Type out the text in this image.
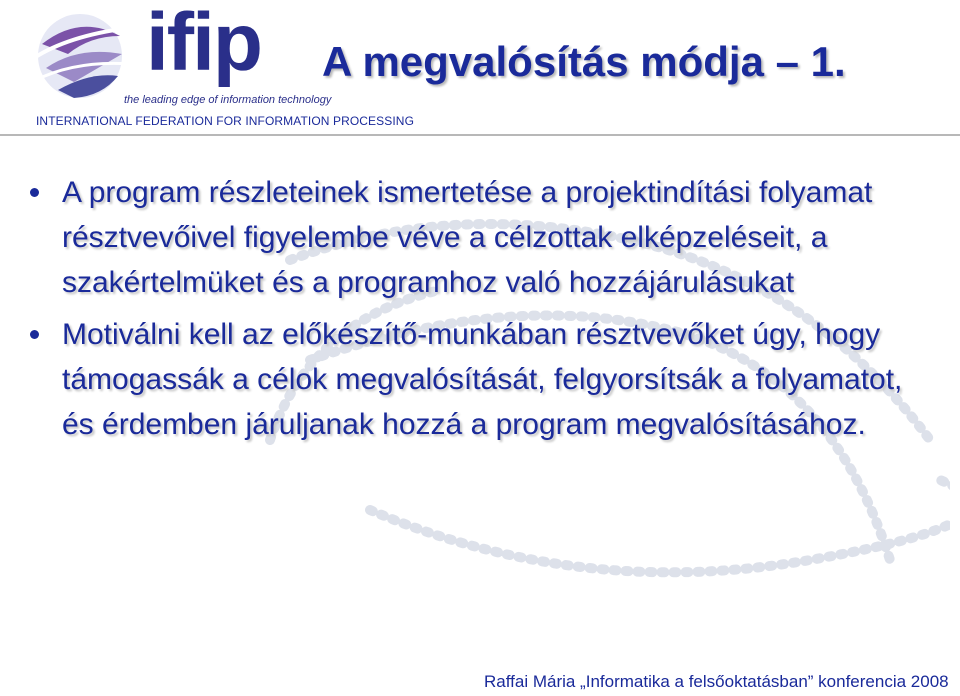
ifip
the leading edge of information technology
INTERNATIONAL FEDERATION FOR INFORMATION PROCESSING
A megvalósítás módja – 1.
A program részleteinek ismertetése a projektindítási folyamat résztvevőivel figyelembe véve a célzottak elképzeléseit, a szakértelmüket és a programhoz való hozzájárulásukat
Motiválni kell az előkészítő-munkában résztvevőket úgy, hogy támogassák a célok megvalósítását, felgyorsítsák a folyamatot, és érdemben járuljanak hozzá a program megvalósításához.
Raffai Mária „Informatika a felsőoktatásban” konferencia 2008
